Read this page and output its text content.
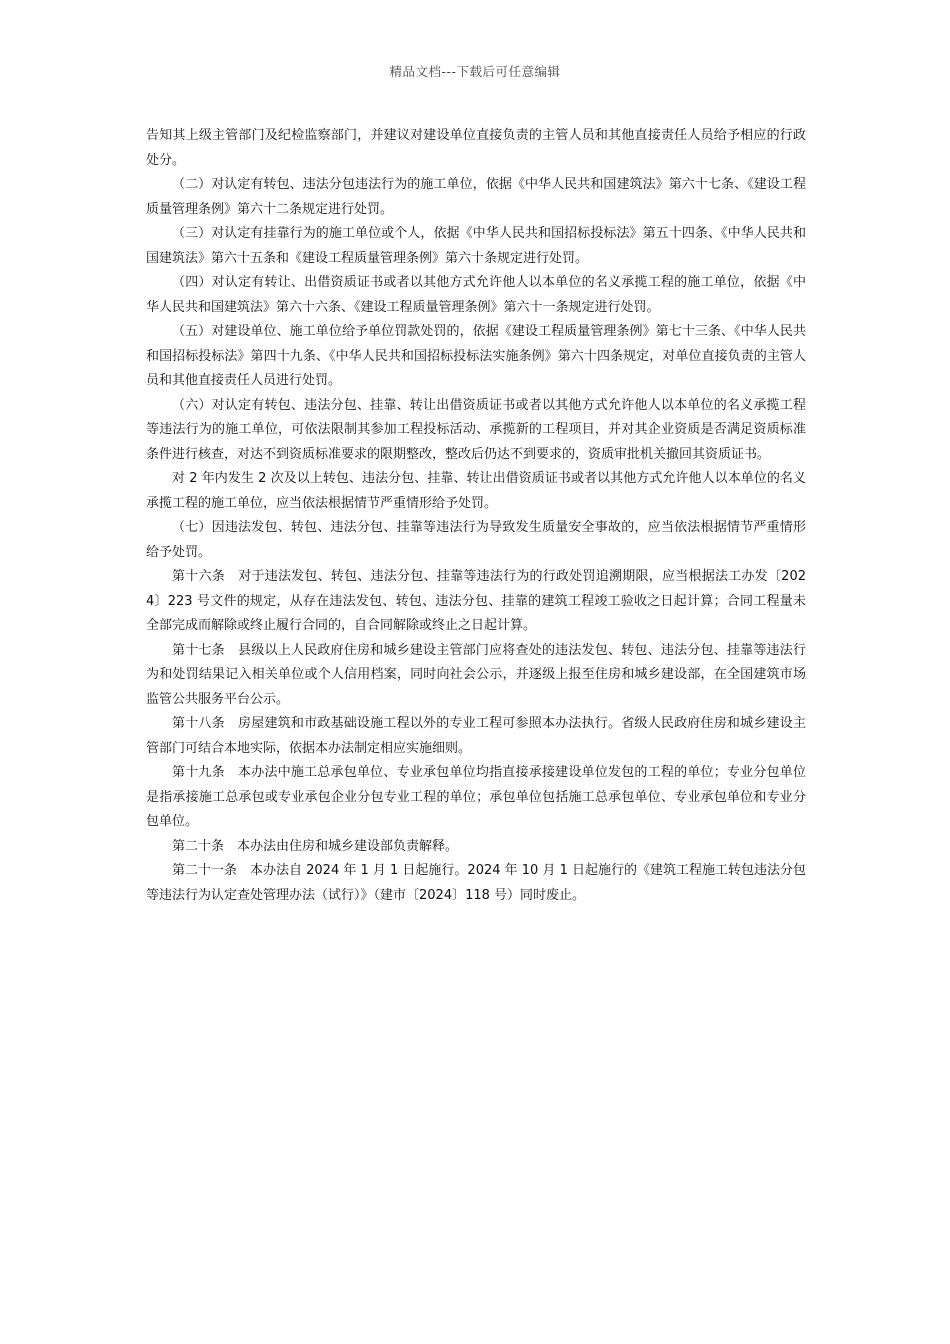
精品文档---下载后可任意编辑

告知其上级主管部门及纪检监察部门，并建议对建设单位直接负责的主管人员和其他直接责任人员给予相应的行政处分。

（二）对认定有转包、违法分包违法行为的施工单位，依据《中华人民共和国建筑法》第六十七条、《建设工程质量管理条例》第六十二条规定进行处罚。

（三）对认定有挂靠行为的施工单位或个人，依据《中华人民共和国招标投标法》第五十四条、《中华人民共和国建筑法》第六十五条和《建设工程质量管理条例》第六十条规定进行处罚。

（四）对认定有转让、出借资质证书或者以其他方式允许他人以本单位的名义承揽工程的施工单位，依据《中华人民共和国建筑法》第六十六条、《建设工程质量管理条例》第六十一条规定进行处罚。

（五）对建设单位、施工单位给予单位罚款处罚的，依据《建设工程质量管理条例》第七十三条、《中华人民共和国招标投标法》第四十九条、《中华人民共和国招标投标法实施条例》第六十四条规定，对单位直接负责的主管人员和其他直接责任人员进行处罚。

（六）对认定有转包、违法分包、挂靠、转让出借资质证书或者以其他方式允许他人以本单位的名义承揽工程等违法行为的施工单位，可依法限制其参加工程投标活动、承揽新的工程项目，并对其企业资质是否满足资质标准条件进行核查，对达不到资质标准要求的限期整改，整改后仍达不到要求的，资质审批机关撤回其资质证书。

对 2 年内发生 2 次及以上转包、违法分包、挂靠、转让出借资质证书或者以其他方式允许他人以本单位的名义承揽工程的施工单位，应当依法根据情节严重情形给予处罚。

（七）因违法发包、转包、违法分包、挂靠等违法行为导致发生质量安全事故的，应当依法根据情节严重情形给予处罚。

第十六条　对于违法发包、转包、违法分包、挂靠等违法行为的行政处罚追溯期限，应当根据法工办发〔2024〕223 号文件的规定，从存在违法发包、转包、违法分包、挂靠的建筑工程竣工验收之日起计算；合同工程量未全部完成而解除或终止履行合同的，自合同解除或终止之日起计算。

第十七条　县级以上人民政府住房和城乡建设主管部门应将查处的违法发包、转包、违法分包、挂靠等违法行为和处罚结果记入相关单位或个人信用档案，同时向社会公示，并逐级上报至住房和城乡建设部，在全国建筑市场监管公共服务平台公示。

第十八条　房屋建筑和市政基础设施工程以外的专业工程可参照本办法执行。省级人民政府住房和城乡建设主管部门可结合本地实际，依据本办法制定相应实施细则。

第十九条　本办法中施工总承包单位、专业承包单位均指直接承接建设单位发包的工程的单位；专业分包单位是指承接施工总承包或专业承包企业分包专业工程的单位；承包单位包括施工总承包单位、专业承包单位和专业分包单位。

第二十条　本办法由住房和城乡建设部负责解释。

第二十一条　本办法自 2024 年 1 月 1 日起施行。2024 年 10 月 1 日起施行的《建筑工程施工转包违法分包等违法行为认定查处管理办法（试行）》（建市〔2024〕118 号）同时废止。
